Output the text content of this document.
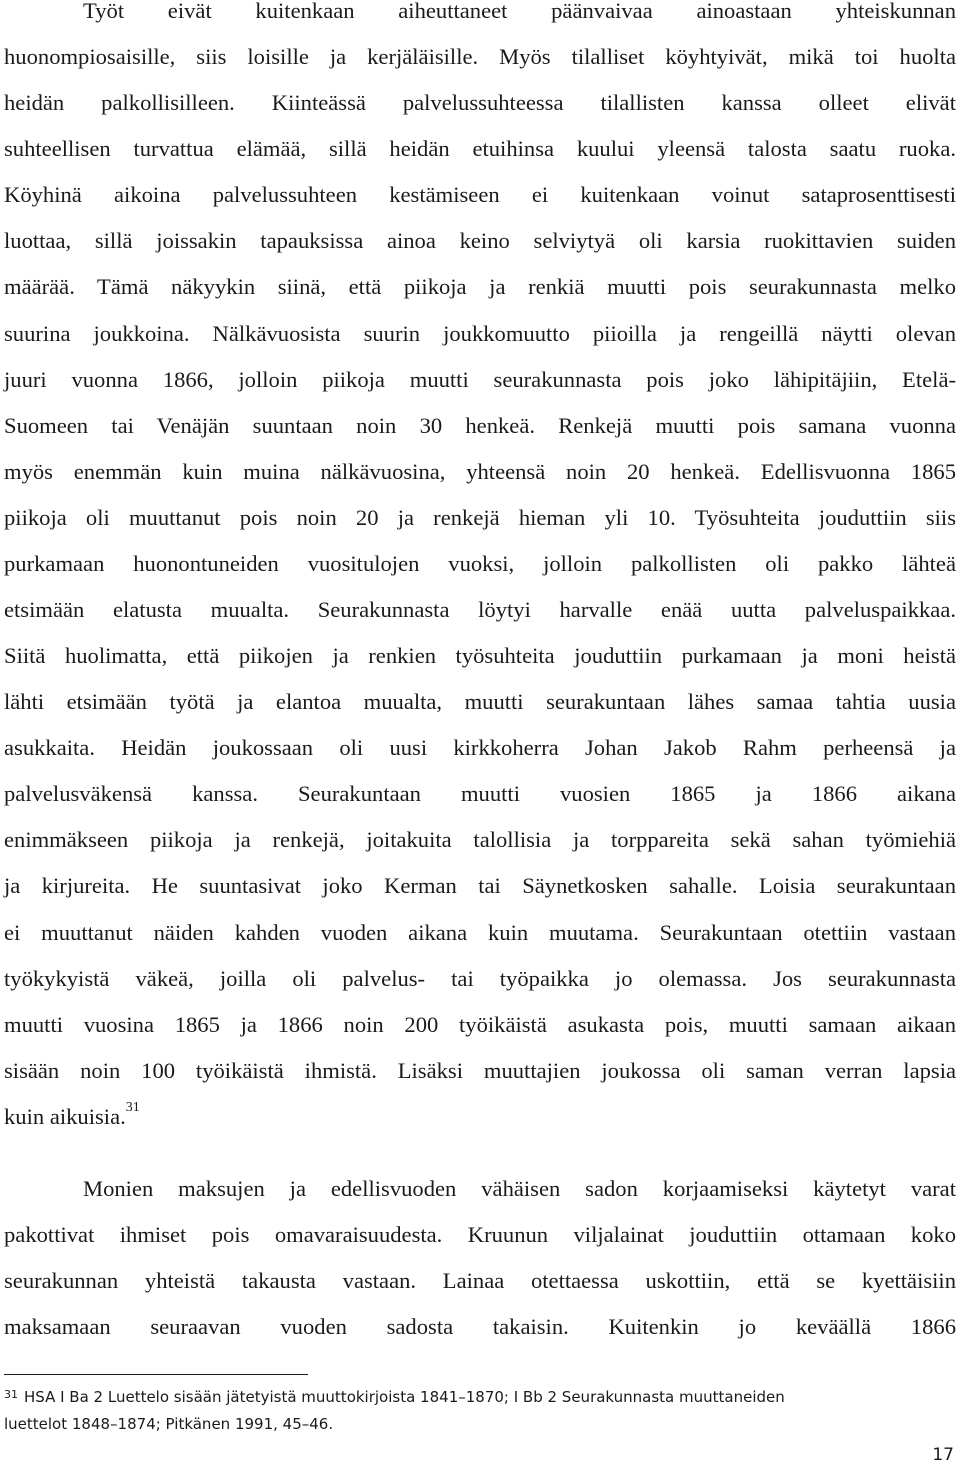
Työt eivät kuitenkaan aiheuttaneet päänvaivaa ainoastaan yhteiskunnan
huonompiosaisille, siis loisille ja kerjäläisille. Myös tilalliset köyhtyivät, mikä toi huolta
heidän palkollisilleen. Kiinteässä palvelussuhteessa tilallisten kanssa olleet elivät
suhteellisen turvattua elämää, sillä heidän etuihinsa kuului yleensä talosta saatu ruoka.
Köyhinä aikoina palvelussuhteen kestämiseen ei kuitenkaan voinut sataprosenttisesti
luottaa, sillä joissakin tapauksissa ainoa keino selviytyä oli karsia ruokittavien suiden
määrää. Tämä näkyykin siinä, että piikoja ja renkiä muutti pois seurakunnasta melko
suurina joukkoina. Nälkävuosista suurin joukkomuutto piioilla ja rengeillä näytti olevan
juuri vuonna 1866, jolloin piikoja muutti seurakunnasta pois joko lähipitäjiin, Etelä-
Suomeen tai Venäjän suuntaan noin 30 henkeä. Renkejä muutti pois samana vuonna
myös enemmän kuin muina nälkävuosina, yhteensä noin 20 henkeä. Edellisvuonna 1865
piikoja oli muuttanut pois noin 20 ja renkejä hieman yli 10. Työsuhteita jouduttiin siis
purkamaan huonontuneiden vuositulojen vuoksi, jolloin palkollisten oli pakko lähteä
etsimään elatusta muualta. Seurakunnasta löytyi harvalle enää uutta palveluspaikkaa.
Siitä huolimatta, että piikojen ja renkien työsuhteita jouduttiin purkamaan ja moni heistä
lähti etsimään työtä ja elantoa muualta, muutti seurakuntaan lähes samaa tahtia uusia
asukkaita. Heidän joukossaan oli uusi kirkkoherra Johan Jakob Rahm perheensä ja
palvelusväkensä kanssa. Seurakuntaan muutti vuosien 1865 ja 1866 aikana
enimmäkseen piikoja ja renkejä, joitakuita talollisia ja torppareita sekä sahan työmiehiä
ja kirjureita. He suuntasivat joko Kerman tai Säynetkosken sahalle. Loisia seurakuntaan
ei muuttanut näiden kahden vuoden aikana kuin muutama. Seurakuntaan otettiin vastaan
työkykyistä väkeä, joilla oli palvelus- tai työpaikka jo olemassa. Jos seurakunnasta
muutti vuosina 1865 ja 1866 noin 200 työikäistä asukasta pois, muutti samaan aikaan
sisään noin 100 työikäistä ihmistä. Lisäksi muuttajien joukossa oli saman verran lapsia
kuin aikuisia.$^{31}$
Monien maksujen ja edellisvuoden vähäisen sadon korjaamiseksi käytetyt varat
pakottivat ihmiset pois omavaraisuudesta. Kruunun viljalainat jouduttiin ottamaan koko
seurakunnan yhteistä takausta vastaan. Lainaa otettaessa uskottiin, että se kyettäisiin
maksamaan seuraavan vuoden sadosta takaisin. Kuitenkin jo keväällä 1866
$^{31}$ HSA I Ba 2 Luettelo sisään jätetyistä muuttokirjoista 1841–1870; I Bb 2 Seurakunnasta muuttaneiden
luettelot 1848–1874; Pitkänen 1991, 45–46.
17
